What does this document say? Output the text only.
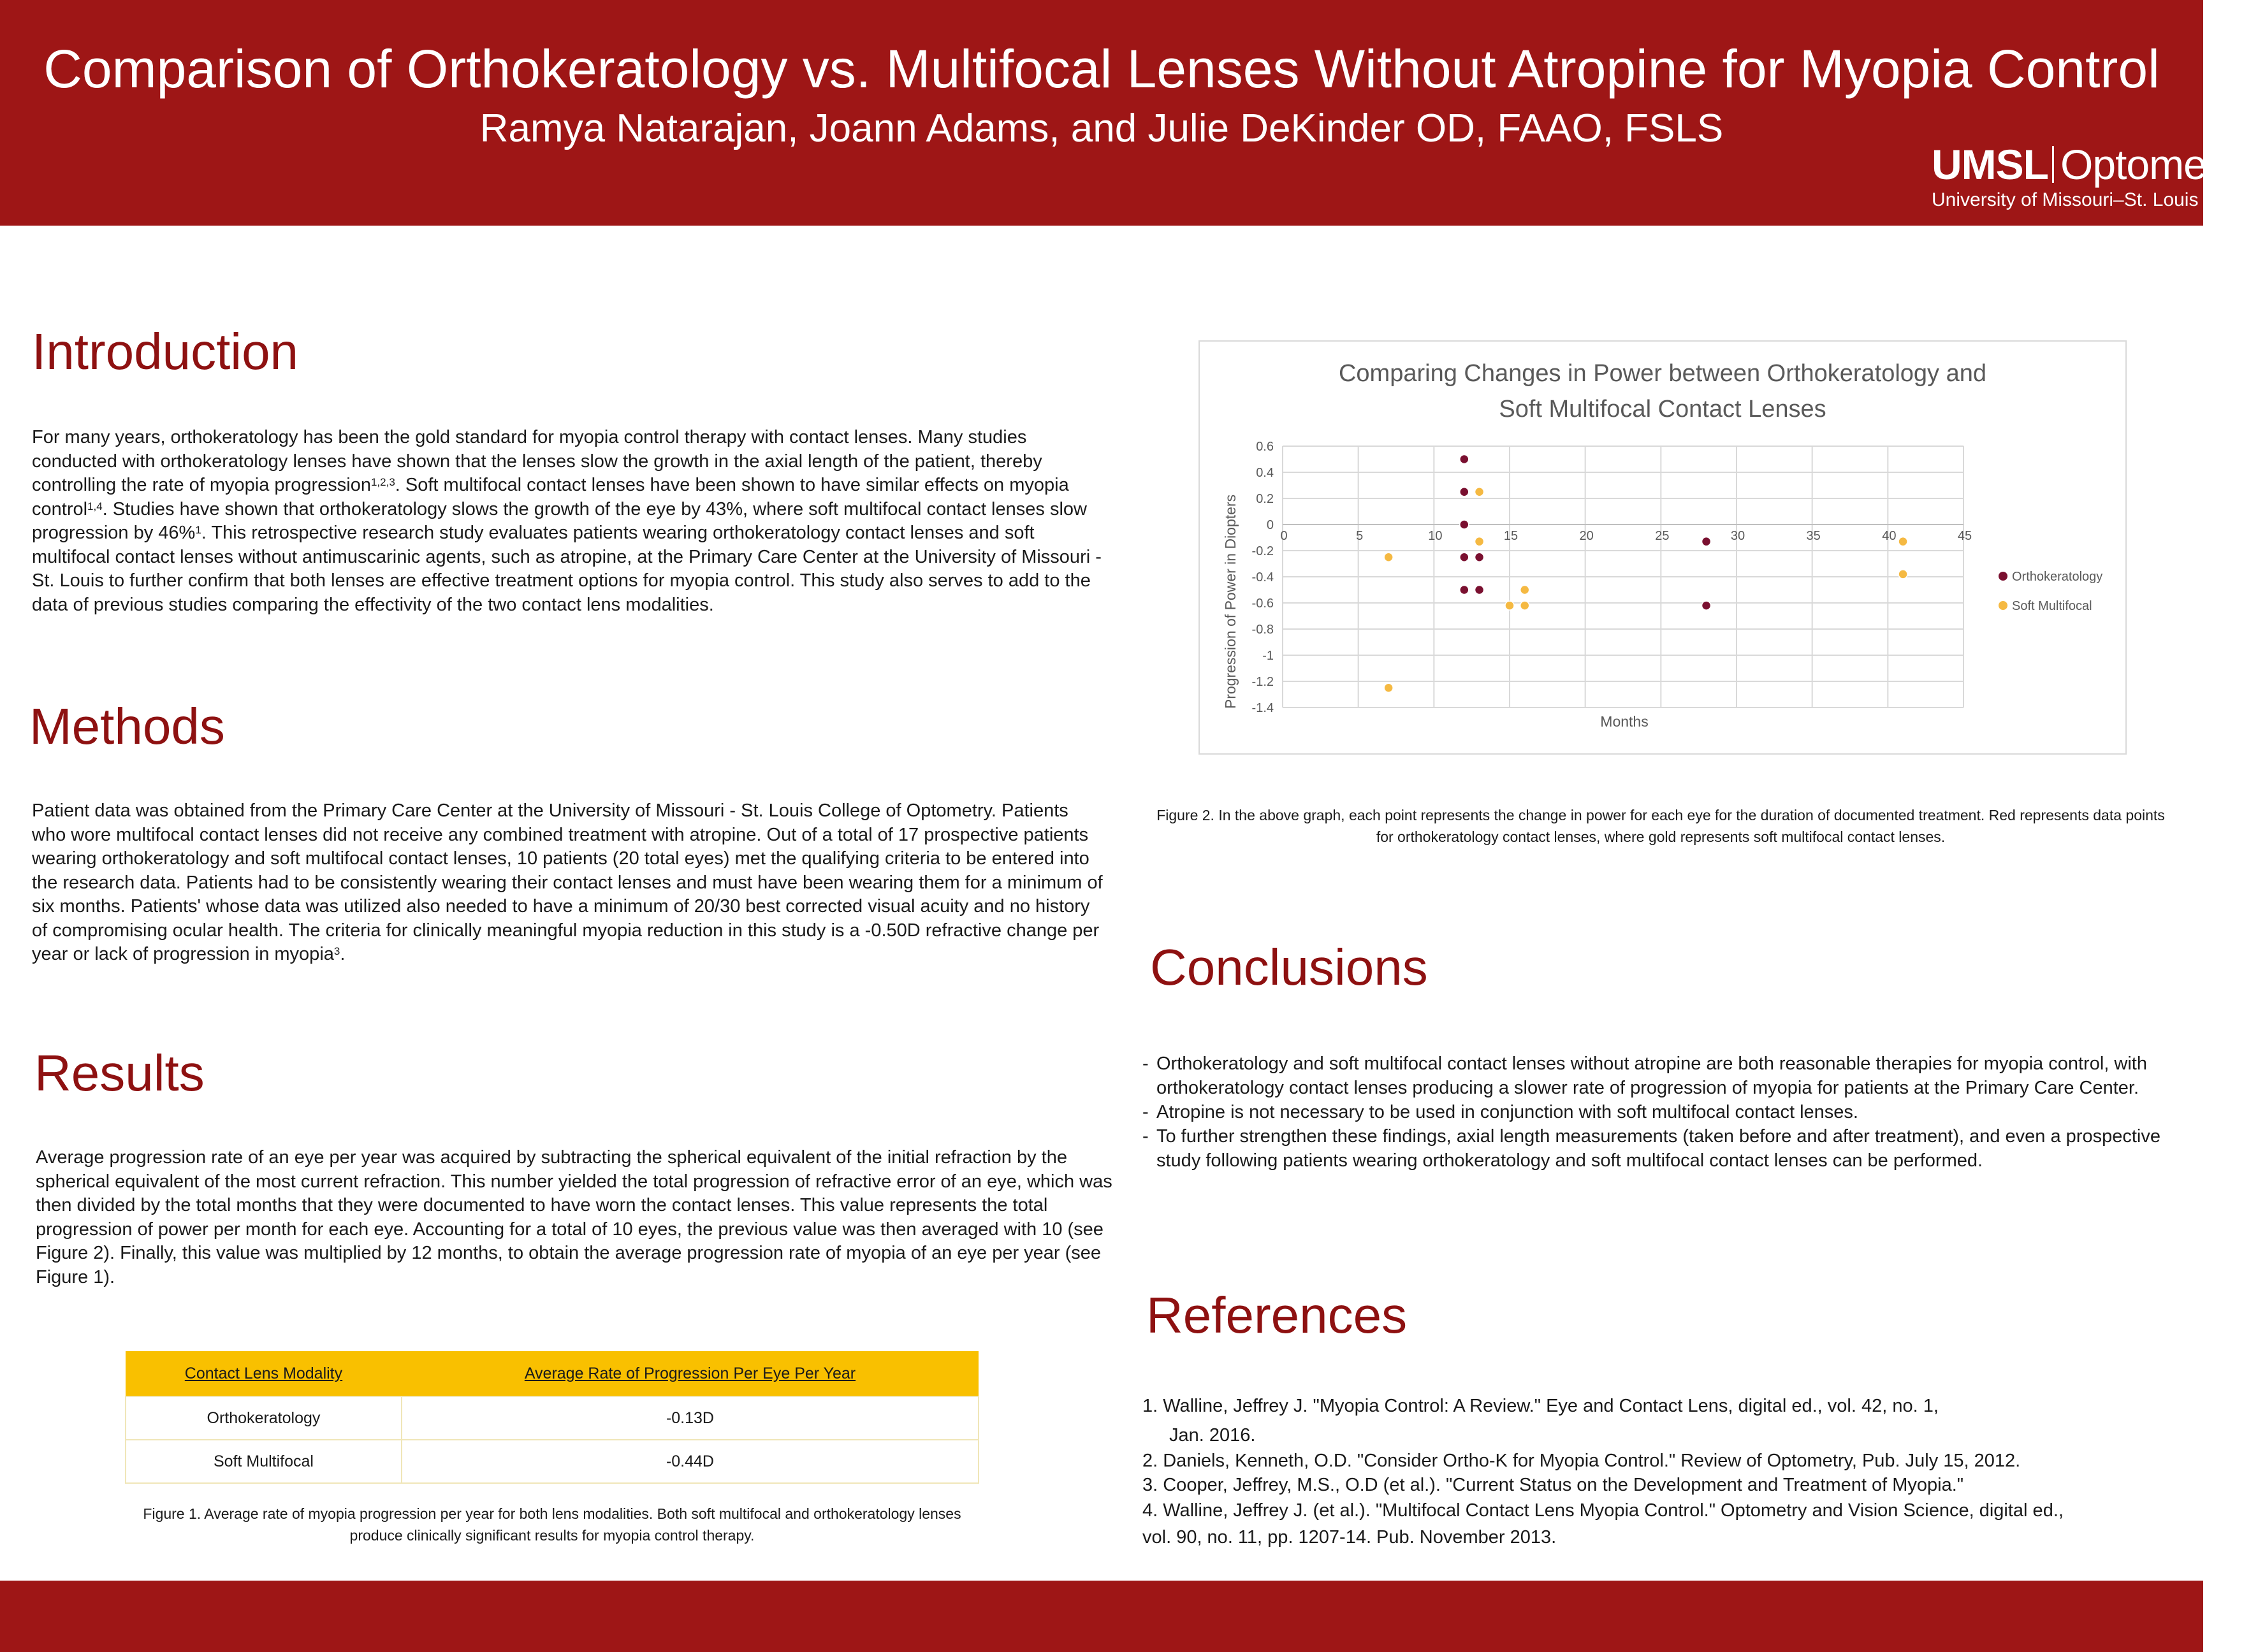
Comparison of Orthokeratology vs. Multifocal Lenses Without Atropine for Myopia Control
Ramya Natarajan, Joann Adams, and Julie DeKinder OD, FAAO, FSLS
UMSL Optometry
University of Missouri–St. Louis
Introduction

For many years, orthokeratology has been the gold standard for myopia control therapy with contact lenses. Many studies conducted with orthokeratology lenses have shown that the lenses slow the growth in the axial length of the patient, thereby controlling the rate of myopia progression$^{1,2,3}$. Soft multifocal contact lenses have been shown to have similar effects on myopia control$^{1,4}$. Studies have shown that orthokeratology slows the growth of the eye by 43%, where soft multifocal contact lenses slow progression by 46%$^1$. This retrospective research study evaluates patients wearing orthokeratology contact lenses and soft multifocal contact lenses without antimuscarinic agents, such as atropine, at the Primary Care Center at the University of Missouri - St. Louis to further confirm that both lenses are effective treatment options for myopia control. This study also serves to add to the data of previous studies comparing the effectivity of the two contact lens modalities.

Methods

Patient data was obtained from the Primary Care Center at the University of Missouri - St. Louis College of Optometry. Patients who wore multifocal contact lenses did not receive any combined treatment with atropine. Out of a total of 17 prospective patients wearing orthokeratology and soft multifocal contact lenses, 10 patients (20 total eyes) met the qualifying criteria to be entered into the research data. Patients had to be consistently wearing their contact lenses and must have been wearing them for a minimum of six months. Patients' whose data was utilized also needed to have a minimum of 20/30 best corrected visual acuity and no history of compromising ocular health. The criteria for clinically meaningful myopia reduction in this study is a -0.50D refractive change per year or lack of progression in myopia$^3$.

Results
Average progression rate of an eye per year was acquired by subtracting the spherical equivalent of the initial refraction by the spherical equivalent of the most current refraction. This number yielded the total progression of refractive error of an eye, which was then divided by the total months that they were documented to have worn the contact lenses. This value represents the total progression of power per month for each eye. Accounting for a total of 10 eyes, the previous value was then averaged with 10 (see Figure 2). Finally, this value was multiplied by 12 months, to obtain the average progression rate of myopia of an eye per year (see Figure 1).
Contact Lens Modality	Average Rate of Progression Per Eye Per Year
Orthokeratology	-0.13D
Soft Multifocal	-0.44D
Figure 1. Average rate of myopia progression per year for both lens modalities. Both soft multifocal and orthokeratology lenses produce clinically significant results for myopia control therapy.
Comparing Changes in Power between Orthokeratology and
Soft Multifocal Contact Lenses
0.6
0.4
0.2
0
-0.2
-0.4
-0.6
-0.8
-1
-1.2
-1.4
0	5	10	15	20	25	30	35	40	45
Orthokeratology
Soft Multifocal
Months
Progression of Power in Diopters
Figure 2. In the above graph, each point represents the change in power for each eye for the duration of documented treatment. Red represents data points for orthokeratology contact lenses, where gold represents soft multifocal contact lenses.
Conclusions
- Orthokeratology and soft multifocal contact lenses without atropine are both reasonable therapies for myopia control, with orthokeratology contact lenses producing a slower rate of progression of myopia for patients at the Primary Care Center.
- Atropine is not necessary to be used in conjunction with soft multifocal contact lenses.
- To further strengthen these findings, axial length measurements (taken before and after treatment), and even a prospective study following patients wearing orthokeratology and soft multifocal contact lenses can be performed.
References
1. Walline, Jeffrey J. "Myopia Control: A Review." Eye and Contact Lens, digital ed., vol. 42, no. 1,
Jan. 2016.
2. Daniels, Kenneth, O.D. "Consider Ortho-K for Myopia Control." Review of Optometry, Pub. July 15, 2012.
3. Cooper, Jeffrey, M.S., O.D (et al.). "Current Status on the Development and Treatment of Myopia."
4. Walline, Jeffrey J. (et al.). "Multifocal Contact Lens Myopia Control." Optometry and Vision Science, digital ed.,
vol. 90, no. 11, pp. 1207-14. Pub. November 2013.
